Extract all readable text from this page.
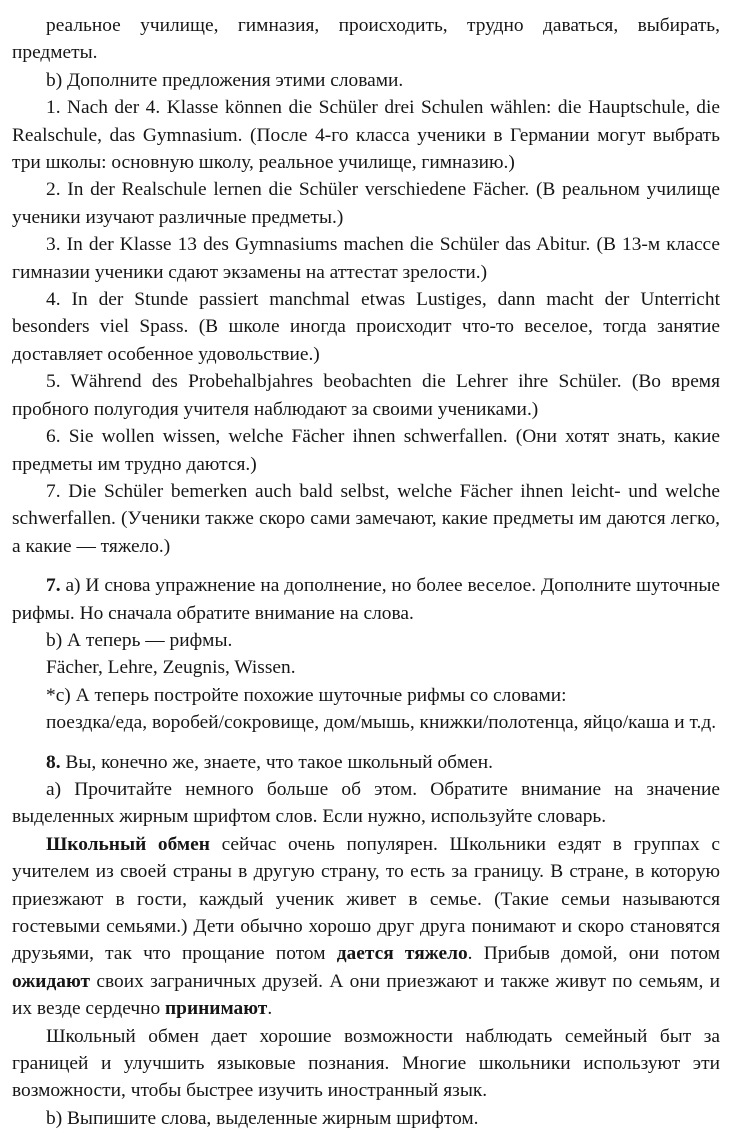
реальное училище, гимназия, происходить, трудно даваться, выбирать, предметы.

b) Дополните предложения этими словами.

1. Nach der 4. Klasse können die Schüler drei Schulen wählen: die Hauptschule, die Realschule, das Gymnasium. (После 4-го класса ученики в Германии могут выбрать три школы: основную школу, реальное училище, гимназию.)

2. In der Realschule lernen die Schüler verschiedene Fächer. (В реальном училище ученики изучают различные предметы.)

3. In der Klasse 13 des Gymnasiums machen die Schüler das Abitur. (В 13-м классе гимназии ученики сдают экзамены на аттестат зрелости.)

4. In der Stunde passiert manchmal etwas Lustiges, dann macht der Unterricht besonders viel Spass. (В школе иногда происходит что-то веселое, тогда занятие доставляет особенное удовольствие.)

5. Während des Probehalbjahres beobachten die Lehrer ihre Schüler. (Во время пробного полугодия учителя наблюдают за своими учениками.)

6. Sie wollen wissen, welche Fächer ihnen schwerfallen. (Они хотят знать, какие предметы им трудно даются.)

7. Die Schüler bemerken auch bald selbst, welche Fächer ihnen leicht- und welche schwerfallen. (Ученики также скоро сами замечают, какие предметы им даются легко, а какие — тяжело.)

7. а) И снова упражнение на дополнение, но более веселое. Дополните шуточные рифмы. Но сначала обратите внимание на слова.

b) А теперь — рифмы.

Fächer, Lehre, Zeugnis, Wissen.

*с) А теперь постройте похожие шуточные рифмы со словами:

поездка/еда, воробей/сокровище, дом/мышь, книжки/полотенца, яйцо/каша и т.д.

8. Вы, конечно же, знаете, что такое школьный обмен.

а) Прочитайте немного больше об этом. Обратите внимание на значение выделенных жирным шрифтом слов. Если нужно, используйте словарь.

Школьный обмен сейчас очень популярен. Школьники ездят в группах с учителем из своей страны в другую страну, то есть за границу. В стране, в которую приезжают в гости, каждый ученик живет в семье. (Такие семьи называются гостевыми семьями.) Дети обычно хорошо друг друга понимают и скоро становятся друзьями, так что прощание потом дается тяжело. Прибыв домой, они потом ожидают своих заграничных друзей. А они приезжают и также живут по семьям, и их везде сердечно принимают.

Школьный обмен дает хорошие возможности наблюдать семейный быт за границей и улучшить языковые познания. Многие школьники используют эти возможности, чтобы быстрее изучить иностранный язык.

b) Выпишите слова, выделенные жирным шрифтом.
